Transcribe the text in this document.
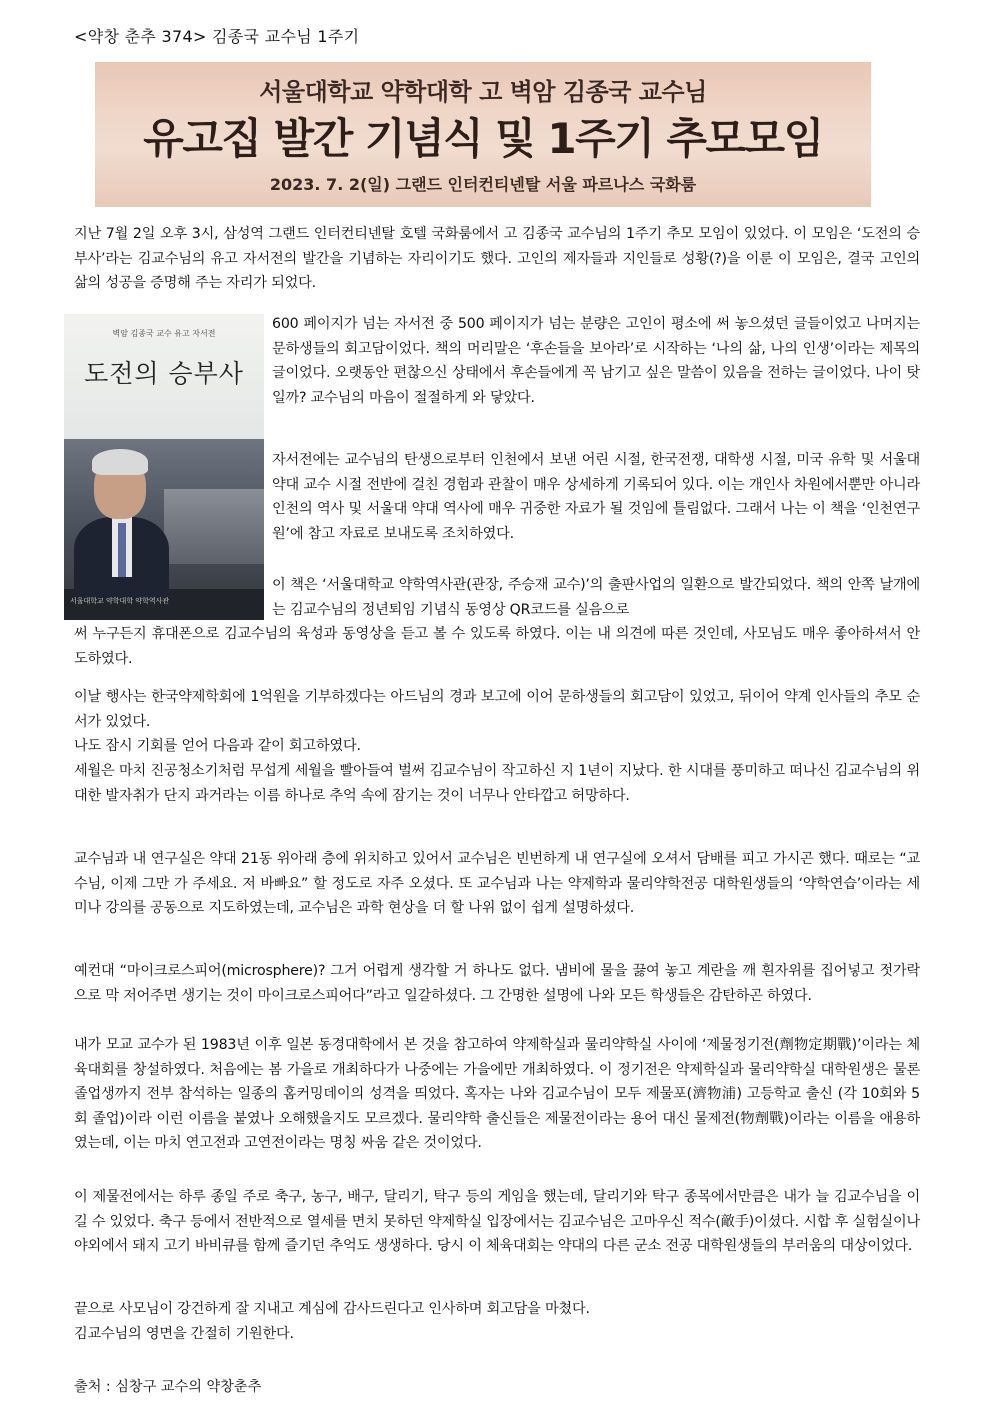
<약창 춘추 374> 김종국 교수님 1주기
서울대학교 약학대학 고 벽암 김종국 교수님
유고집 발간 기념식 및 1주기 추모모임
2023. 7. 2(일) 그랜드 인터컨티넨탈 서울 파르나스 국화룸
지난 7월 2일 오후 3시, 삼성역 그랜드 인터컨티넨탈 호텔 국화룸에서 고 김종국 교수님의 1주기 추모 모임이 있었다. 이 모임은 ‘도전의 승부사’라는 김교수님의 유고 자서전의 발간을 기념하는 자리이기도 했다. 고인의 제자들과 지인들로 성황(?)을 이룬 이 모임은, 결국 고인의 삶의 성공을 증명해 주는 자리가 되었다.
벽암 김종국 교수 유고 자서전
도전의 승부사
서울대학교 약학대학 약학역사관
600 페이지가 넘는 자서전 중 500 페이지가 넘는 분량은 고인이 평소에 써 놓으셨던 글들이었고 나머지는 문하생들의 회고담이었다. 책의 머리말은 ‘후손들을 보아라’로 시작하는 ‘나의 삶, 나의 인생’이라는 제목의 글이었다. 오랫동안 편찮으신 상태에서 후손들에게 꼭 남기고 싶은 말씀이 있음을 전하는 글이었다. 나이 탓일까? 교수님의 마음이 절절하게 와 닿았다.
자서전에는 교수님의 탄생으로부터 인천에서 보낸 어린 시절, 한국전쟁, 대학생 시절, 미국 유학 및 서울대 약대 교수 시절 전반에 걸친 경험과 관찰이 매우 상세하게 기록되어 있다. 이는 개인사 차원에서뿐만 아니라 인천의 역사 및 서울대 약대 역사에 매우 귀중한 자료가 될 것임에 틀림없다. 그래서 나는 이 책을 ‘인천연구원’에 참고 자료로 보내도록 조치하였다.
이 책은 ‘서울대학교 약학역사관(관장, 주승재 교수)’의 출판사업의 일환으로 발간되었다. 책의 안쪽 날개에는 김교수님의 정년퇴임 기념식 동영상 QR코드를 실음으로
써 누구든지 휴대폰으로 김교수님의 육성과 동영상을 듣고 볼 수 있도록 하였다. 이는 내 의견에 따른 것인데, 사모님도 매우 좋아하셔서 안도하였다.
이날 행사는 한국약제학회에 1억원을 기부하겠다는 아드님의 경과 보고에 이어 문하생들의 회고담이 있었고, 뒤이어 약계 인사들의 추모 순서가 있었다.
나도 잠시 기회를 얻어 다음과 같이 회고하였다.
세월은 마치 진공청소기처럼 무섭게 세월을 빨아들여 벌써 김교수님이 작고하신 지 1년이 지났다. 한 시대를 풍미하고 떠나신 김교수님의 위대한 발자취가 단지 과거라는 이름 하나로 추억 속에 잠기는 것이 너무나 안타깝고 허망하다.
교수님과 내 연구실은 약대 21동 위아래 층에 위치하고 있어서 교수님은 빈번하게 내 연구실에 오셔서 담배를 피고 가시곤 했다. 때로는 “교수님, 이제 그만 가 주세요. 저 바빠요” 할 정도로 자주 오셨다. 또 교수님과 나는 약제학과 물리약학전공 대학원생들의 ‘약학연습’이라는 세미나 강의를 공동으로 지도하였는데, 교수님은 과학 현상을 더 할 나위 없이 쉽게 설명하셨다.
예컨대 “마이크로스피어(microsphere)? 그거 어렵게 생각할 거 하나도 없다. 냄비에 물을 끓여 놓고 계란을 깨 흰자위를 집어넣고 젓가락으로 막 저어주면 생기는 것이 마이크로스피어다”라고 일갈하셨다. 그 간명한 설명에 나와 모든 학생들은 감탄하곤 하였다.
내가 모교 교수가 된 1983년 이후 일본 동경대학에서 본 것을 참고하여 약제학실과 물리약학실 사이에 ‘제물정기전(劑物定期戰)’이라는 체육대회를 창설하였다. 처음에는 봄 가을로 개최하다가 나중에는 가을에만 개최하였다. 이 정기전은 약제학실과 물리약학실 대학원생은 물론 졸업생까지 전부 참석하는 일종의 홈커밍데이의 성격을 띄었다. 혹자는 나와 김교수님이 모두 제물포(濟物浦) 고등학교 출신 (각 10회와 5회 졸업)이라 이런 이름을 붙였나 오해했을지도 모르겠다. 물리약학 출신들은 제물전이라는 용어 대신 물제전(物劑戰)이라는 이름을 애용하였는데, 이는 마치 연고전과 고연전이라는 명칭 싸움 같은 것이었다.
이 제물전에서는 하루 종일 주로 축구, 농구, 배구, 달리기, 탁구 등의 게임을 했는데, 달리기와 탁구 종목에서만큼은 내가 늘 김교수님을 이길 수 있었다. 축구 등에서 전반적으로 열세를 면치 못하던 약제학실 입장에서는 김교수님은 고마우신 적수(敵手)이셨다. 시합 후 실험실이나 야외에서 돼지 고기 바비큐를 함께 즐기던 추억도 생생하다. 당시 이 체육대회는 약대의 다른 군소 전공 대학원생들의 부러움의 대상이었다.
끝으로 사모님이 강건하게 잘 지내고 계심에 감사드린다고 인사하며 회고담을 마쳤다.
김교수님의 영면을 간절히 기원한다.
출처 : 심창구 교수의 약창춘추
